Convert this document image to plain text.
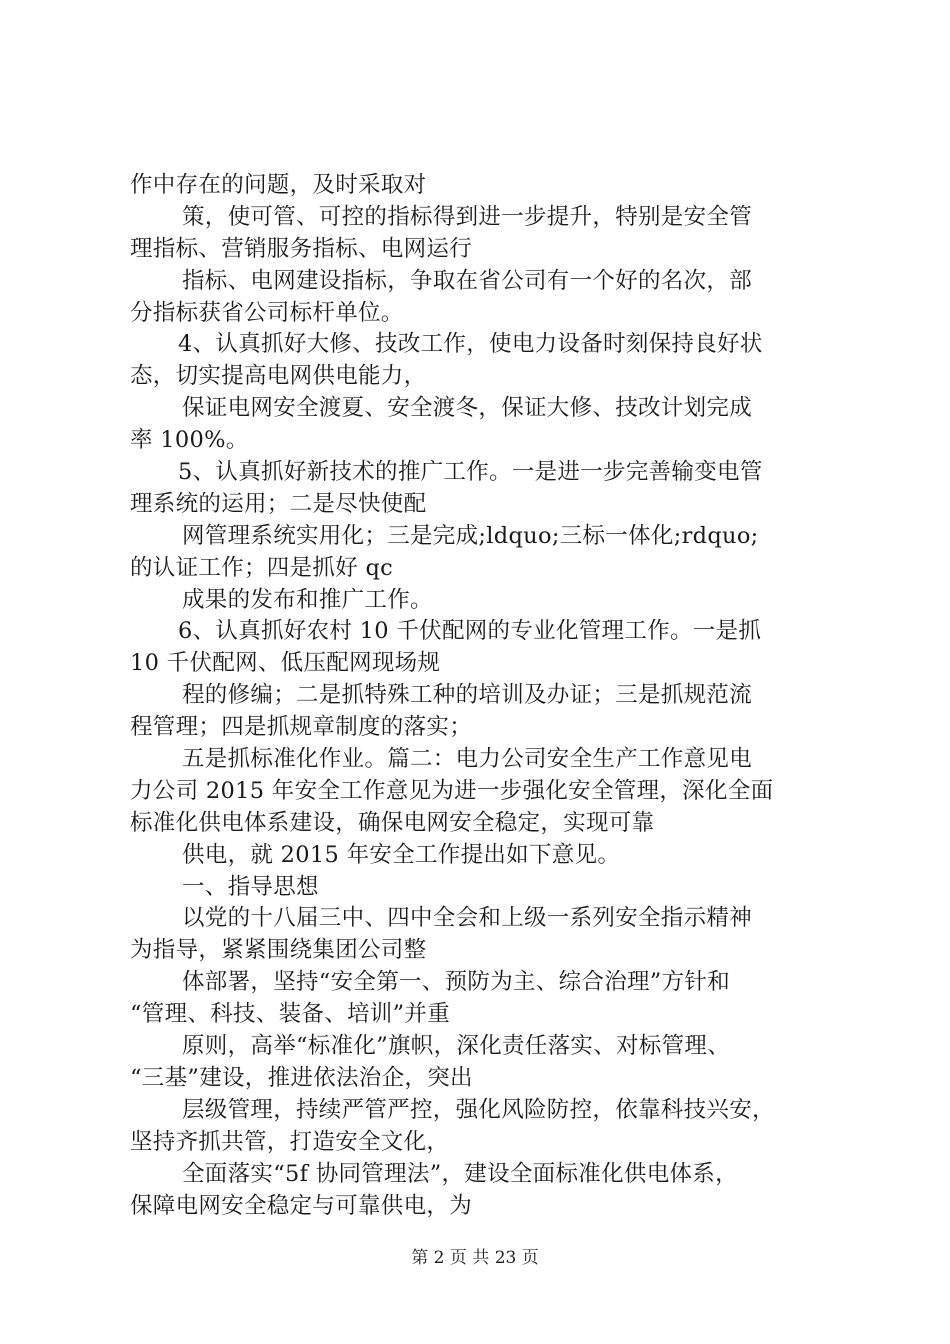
作中存在的问题，及时采取对
策，使可管、可控的指标得到进一步提升，特别是安全管
理指标、营销服务指标、电网运行
指标、电网建设指标，争取在省公司有一个好的名次，部
分指标获省公司标杆单位。
4、认真抓好大修、技改工作，使电力设备时刻保持良好状
态，切实提高电网供电能力，
保证电网安全渡夏、安全渡冬，保证大修、技改计划完成
率 100%。
5、认真抓好新技术的推广工作。一是进一步完善输变电管
理系统的运用；二是尽快使配
网管理系统实用化；三是完成;ldquo;三标一体化;rdquo;
的认证工作；四是抓好 qc
成果的发布和推广工作。
6、认真抓好农村 10 千伏配网的专业化管理工作。一是抓
10 千伏配网、低压配网现场规
程的修编；二是抓特殊工种的培训及办证；三是抓规范流
程管理；四是抓规章制度的落实；
五是抓标准化作业。篇二：电力公司安全生产工作意见电
力公司 2015 年安全工作意见为进一步强化安全管理，深化全面
标准化供电体系建设，确保电网安全稳定，实现可靠
供电，就 2015 年安全工作提出如下意见。
一、指导思想
以党的十八届三中、四中全会和上级一系列安全指示精神
为指导，紧紧围绕集团公司整
体部署，坚持“安全第一、预防为主、综合治理”方针和
“管理、科技、装备、培训”并重
原则，高举“标准化”旗帜，深化责任落实、对标管理、
“三基”建设，推进依法治企，突出
层级管理，持续严管严控，强化风险防控，依靠科技兴安，
坚持齐抓共管，打造安全文化，
全面落实“5f 协同管理法”，建设全面标准化供电体系，
保障电网安全稳定与可靠供电，为
第 2 页 共 23 页
